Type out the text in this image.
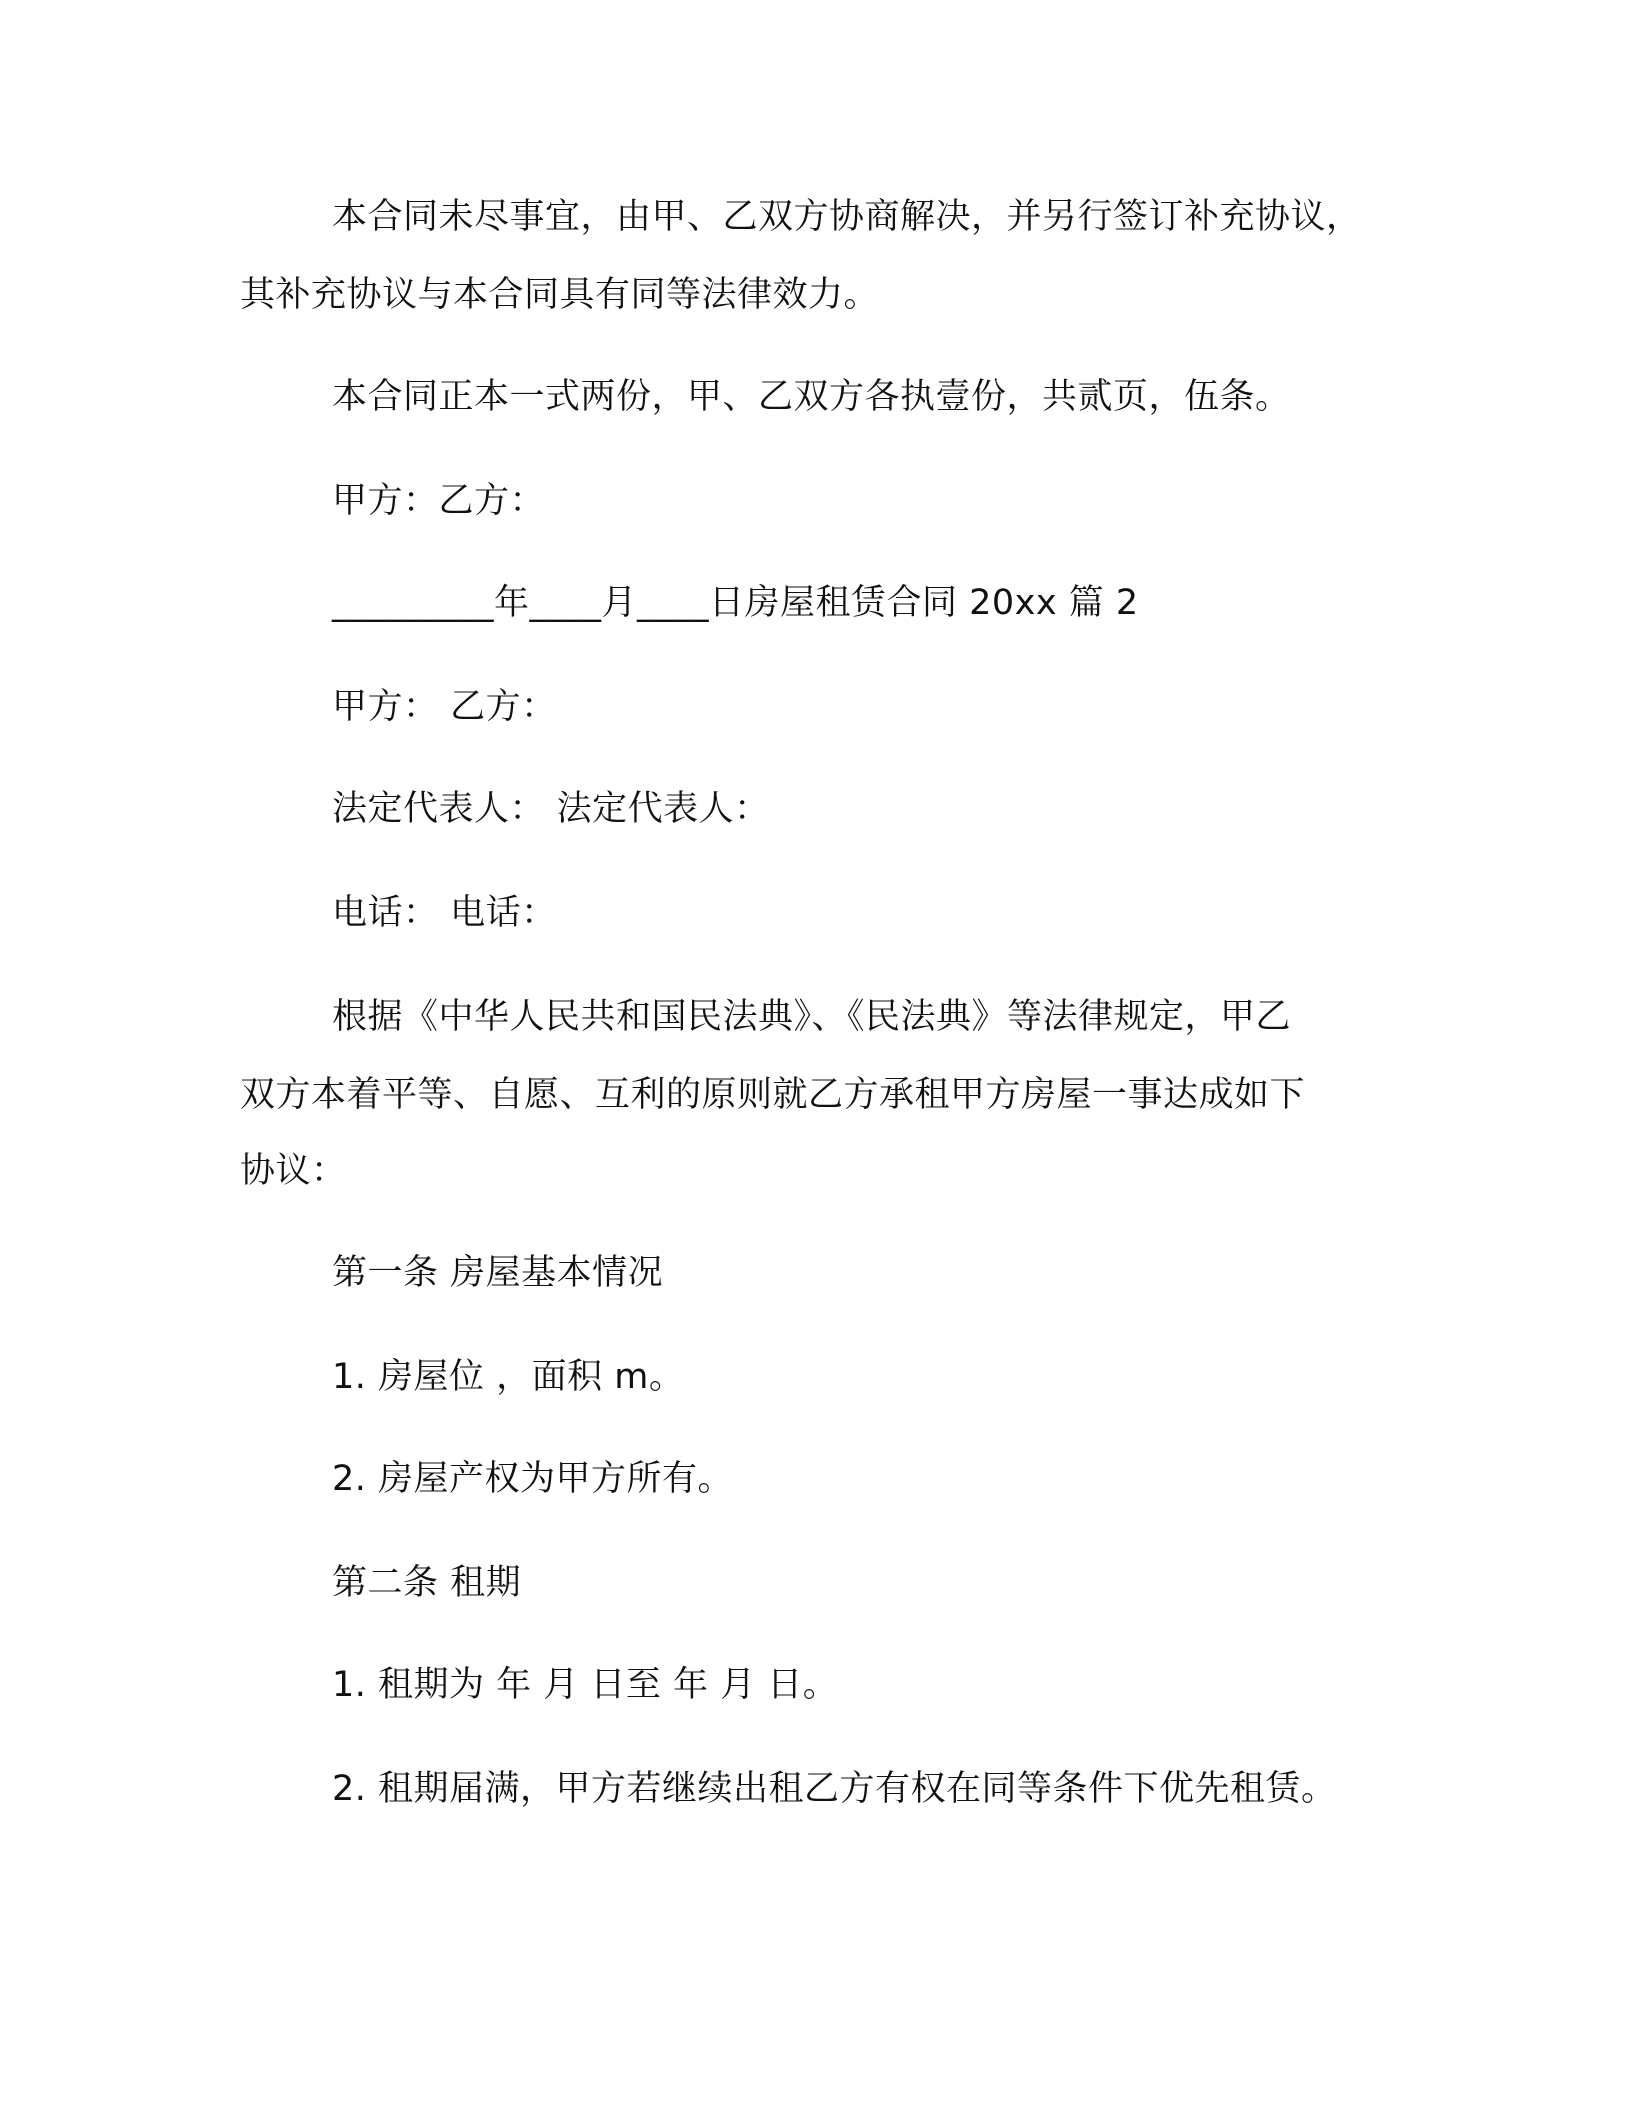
本合同未尽事宜，由甲、乙双方协商解决，并另行签订补充协议，
其补充协议与本合同具有同等法律效力。
本合同正本一式两份，甲、乙双方各执壹份，共贰页，伍条。
甲方：乙方：
_________年____月____日房屋租赁合同 20xx 篇 2
甲方： 乙方：
法定代表人： 法定代表人：
电话： 电话：
根据《中华人民共和国民法典》、《民法典》等法律规定，甲乙
双方本着平等、自愿、互利的原则就乙方承租甲方房屋一事达成如下
协议：
第一条 房屋基本情况
1. 房屋位 ，面积 m。
2. 房屋产权为甲方所有。
第二条 租期
1. 租期为 年 月 日至 年 月 日。
2. 租期届满，甲方若继续出租乙方有权在同等条件下优先租赁。
